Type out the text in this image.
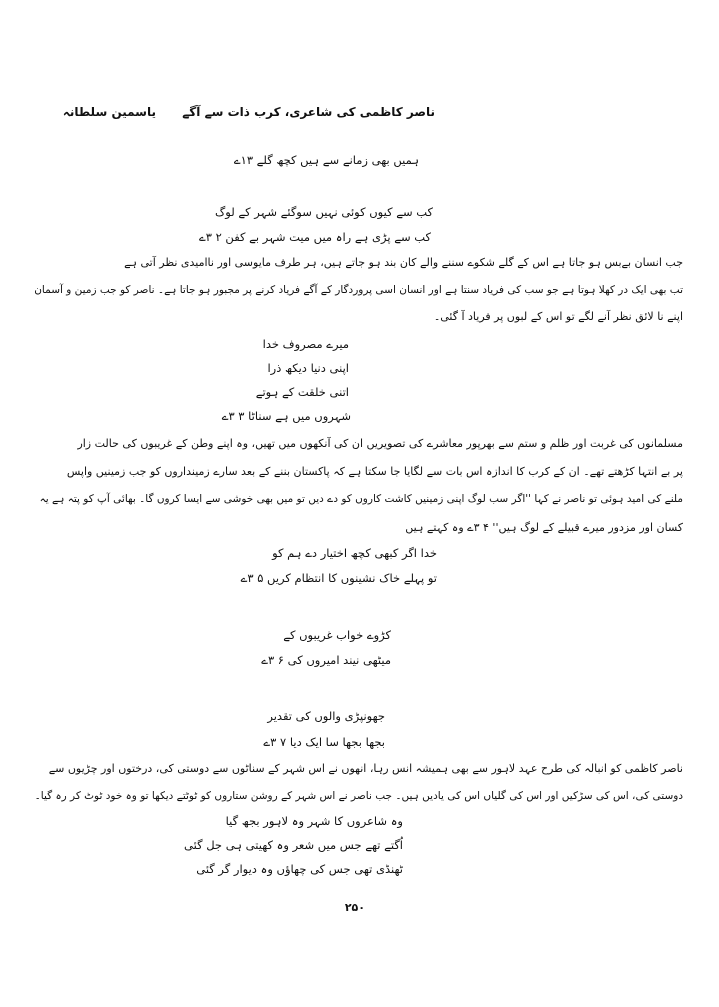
ناصر کاظمی کی شاعری، کرب ذات سے آگے
یاسمین سلطانہ
ہمیں بھی زمانے سے ہیں کچھ گلے ۱۳ے
کب سے کیوں کوئی نہیں سوگئے شہر کے لوگ
کب سے پڑی ہے راہ میں میت شہر بے کفن ۲ ۳ے
جب انسان بےبس ہو جاتا ہے اس کے گلے شکوے سننے والے کان بند ہو جاتے ہیں، ہر طرف مایوسی اور ناامیدی نظر آتی ہے
تب بھی ایک در کھلا ہوتا ہے جو سب کی فریاد سنتا ہے اور انسان اسی پروردگار کے آگے فریاد کرنے پر مجبور ہو جاتا ہے۔ ناصر کو جب زمین و آسمان
اپنے نا لائق نظر آنے لگے تو اس کے لبوں پر فریاد آ گئی۔
میرے مصروف خدا
اپنی دنیا دیکھ ذرا
اتنی خلقت کے ہوتے
شہروں میں ہے سناٹا ۳ ۳ے
مسلمانوں کی غربت اور ظلم و ستم سے بھرپور معاشرے کی تصویریں ان کی آنکھوں میں تھیں، وہ اپنے وطن کے غریبوں کی حالت زار
پر بے انتہا کڑھتے تھے۔ ان کے کرب کا اندازہ اس بات سے لگایا جا سکتا ہے کہ پاکستان بننے کے بعد سارے زمینداروں کو جب زمینیں واپس
ملنے کی امید ہوئی تو ناصر نے کہا ''اگر سب لوگ اپنی زمینیں کاشت کاروں کو دے دیں تو میں بھی خوشی سے ایسا کروں گا۔ بھائی آپ کو پتہ ہے یہ
کسان اور مزدور میرے قبیلے کے لوگ ہیں'' ۴ ۳ے وہ کہتے ہیں
خدا اگر کبھی کچھ اختیار دے ہم کو
تو پہلے خاک نشینوں کا انتظام کریں ۵ ۳ے
کڑوے خواب غریبوں کے
میٹھی نیند امیروں کی ۶ ۳ے
جھونپڑی والوں کی تقدیر
بجھا بجھا سا ایک دیا ۷ ۳ے
ناصر کاظمی کو انبالہ کی طرح عہد لاہور سے بھی ہمیشہ انس رہا، انھوں نے اس شہر کے سناٹوں سے دوستی کی، درختوں اور چڑیوں سے
دوستی کی، اس کی سڑکیں اور اس کی گلیاں اس کی یادیں ہیں۔ جب ناصر نے اس شہر کے روشن ستاروں کو ٹوٹتے دیکھا تو وہ خود ٹوٹ کر رہ گیا۔
وہ شاعروں کا شہر وہ لاہور بجھ گیا
اُگتے تھے جس میں شعر وہ کھیتی ہی جل گئی
ٹھنڈی تھی جس کی چھاؤں وہ دیوار گر گئی
۲۵۰
